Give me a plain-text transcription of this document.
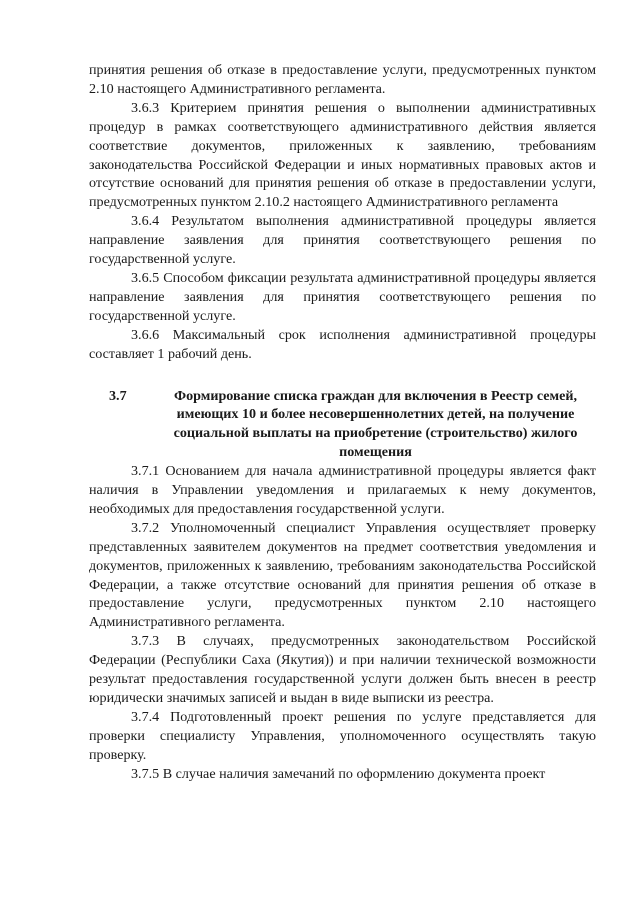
принятия решения об отказе в предоставление услуги, предусмотренных пунктом 2.10 настоящего Административного регламента.

3.6.3 Критерием принятия решения о выполнении административных процедур в рамках соответствующего административного действия является соответствие документов, приложенных к заявлению, требованиям законодательства Российской Федерации и иных нормативных правовых актов и отсутствие оснований для принятия решения об отказе в предоставлении услуги, предусмотренных пунктом 2.10.2 настоящего Административного регламента

3.6.4 Результатом выполнения административной процедуры является направление заявления для принятия соответствующего решения по государственной услуге.

3.6.5 Способом фиксации результата административной процедуры является направление заявления для принятия соответствующего решения по государственной услуге.

3.6.6 Максимальный срок исполнения административной процедуры составляет 1 рабочий день.

3.7	Формирование списка граждан для включения в Реестр семей, имеющих 10 и более несовершеннолетних детей, на получение социальной выплаты на приобретение (строительство) жилого помещения

3.7.1 Основанием для начала административной процедуры является факт наличия в Управлении уведомления и прилагаемых к нему документов, необходимых для предоставления государственной услуги.

3.7.2 Уполномоченный специалист Управления осуществляет проверку представленных заявителем документов на предмет соответствия уведомления и документов, приложенных к заявлению, требованиям законодательства Российской Федерации, а также отсутствие оснований для принятия решения об отказе в предоставление услуги, предусмотренных пунктом 2.10 настоящего Административного регламента.

3.7.3 В случаях, предусмотренных законодательством Российской Федерации (Республики Саха (Якутия)) и при наличии технической возможности результат предоставления государственной услуги должен быть внесен в реестр юридически значимых записей и выдан в виде выписки из реестра.

3.7.4 Подготовленный проект решения по услуге представляется для проверки специалисту Управления, уполномоченного осуществлять такую проверку.

3.7.5 В случае наличия замечаний по оформлению документа проект
